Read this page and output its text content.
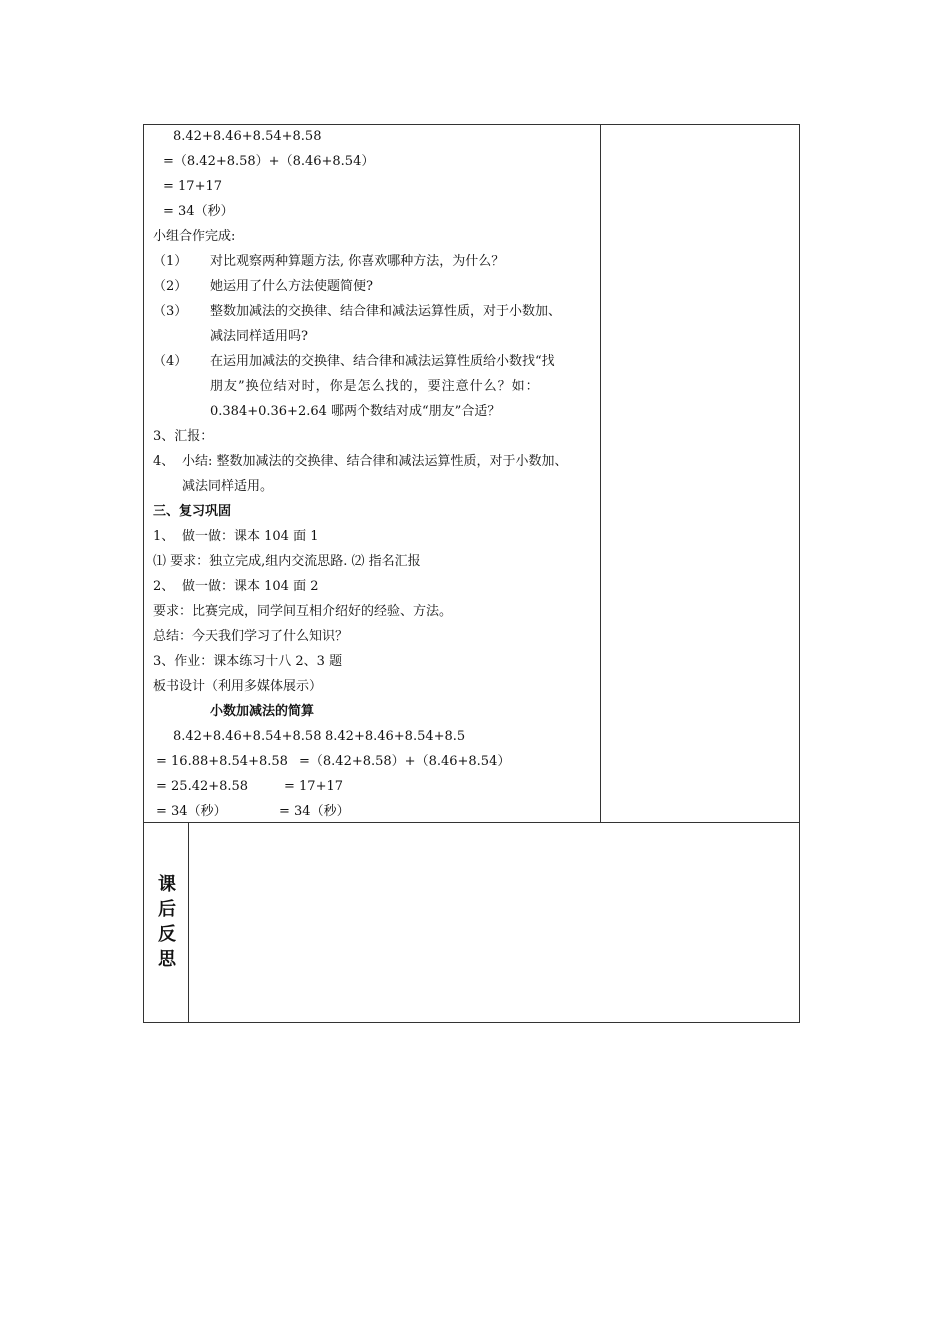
8.42+8.46+8.54+8.58
=（8.42+8.58）+（8.46+8.54）
= 17+17
= 34（秒）
小组合作完成:
（1） 对比观察两种算题方法, 你喜欢哪种方法，为什么？
（2） 她运用了什么方法使题简便?
（3） 整数加减法的交换律、结合律和减法运算性质，对于小数加、
减法同样适用吗?
（4） 在运用加减法的交换律、结合律和减法运算性质给小数找“找
朋友”换位结对时，你是怎么找的，要注意什么？如：
0.384+0.36+2.64 哪两个数结对成“朋友”合适？
3、汇报：
4、 小结: 整数加减法的交换律、结合律和减法运算性质，对于小数加、
减法同样适用。
三、复习巩固
1、 做一做：课本 104 面 1
⑴ 要求：独立完成,组内交流思路. ⑵ 指名汇报
2、 做一做：课本 104 面 2
要求：比赛完成，同学间互相介绍好的经验、方法。
总结：今天我们学习了什么知识？
3、作业：课本练习十八 2、3 题
板书设计（利用多媒体展示）
小数加减法的简算
8.42+8.46+8.54+8.58 8.42+8.46+8.54+8.5
= 16.88+8.54+8.58 =（8.42+8.58）+（8.46+8.54）
= 25.42+8.58	= 17+17
= 34（秒）	= 34（秒）
课
后
反
思
